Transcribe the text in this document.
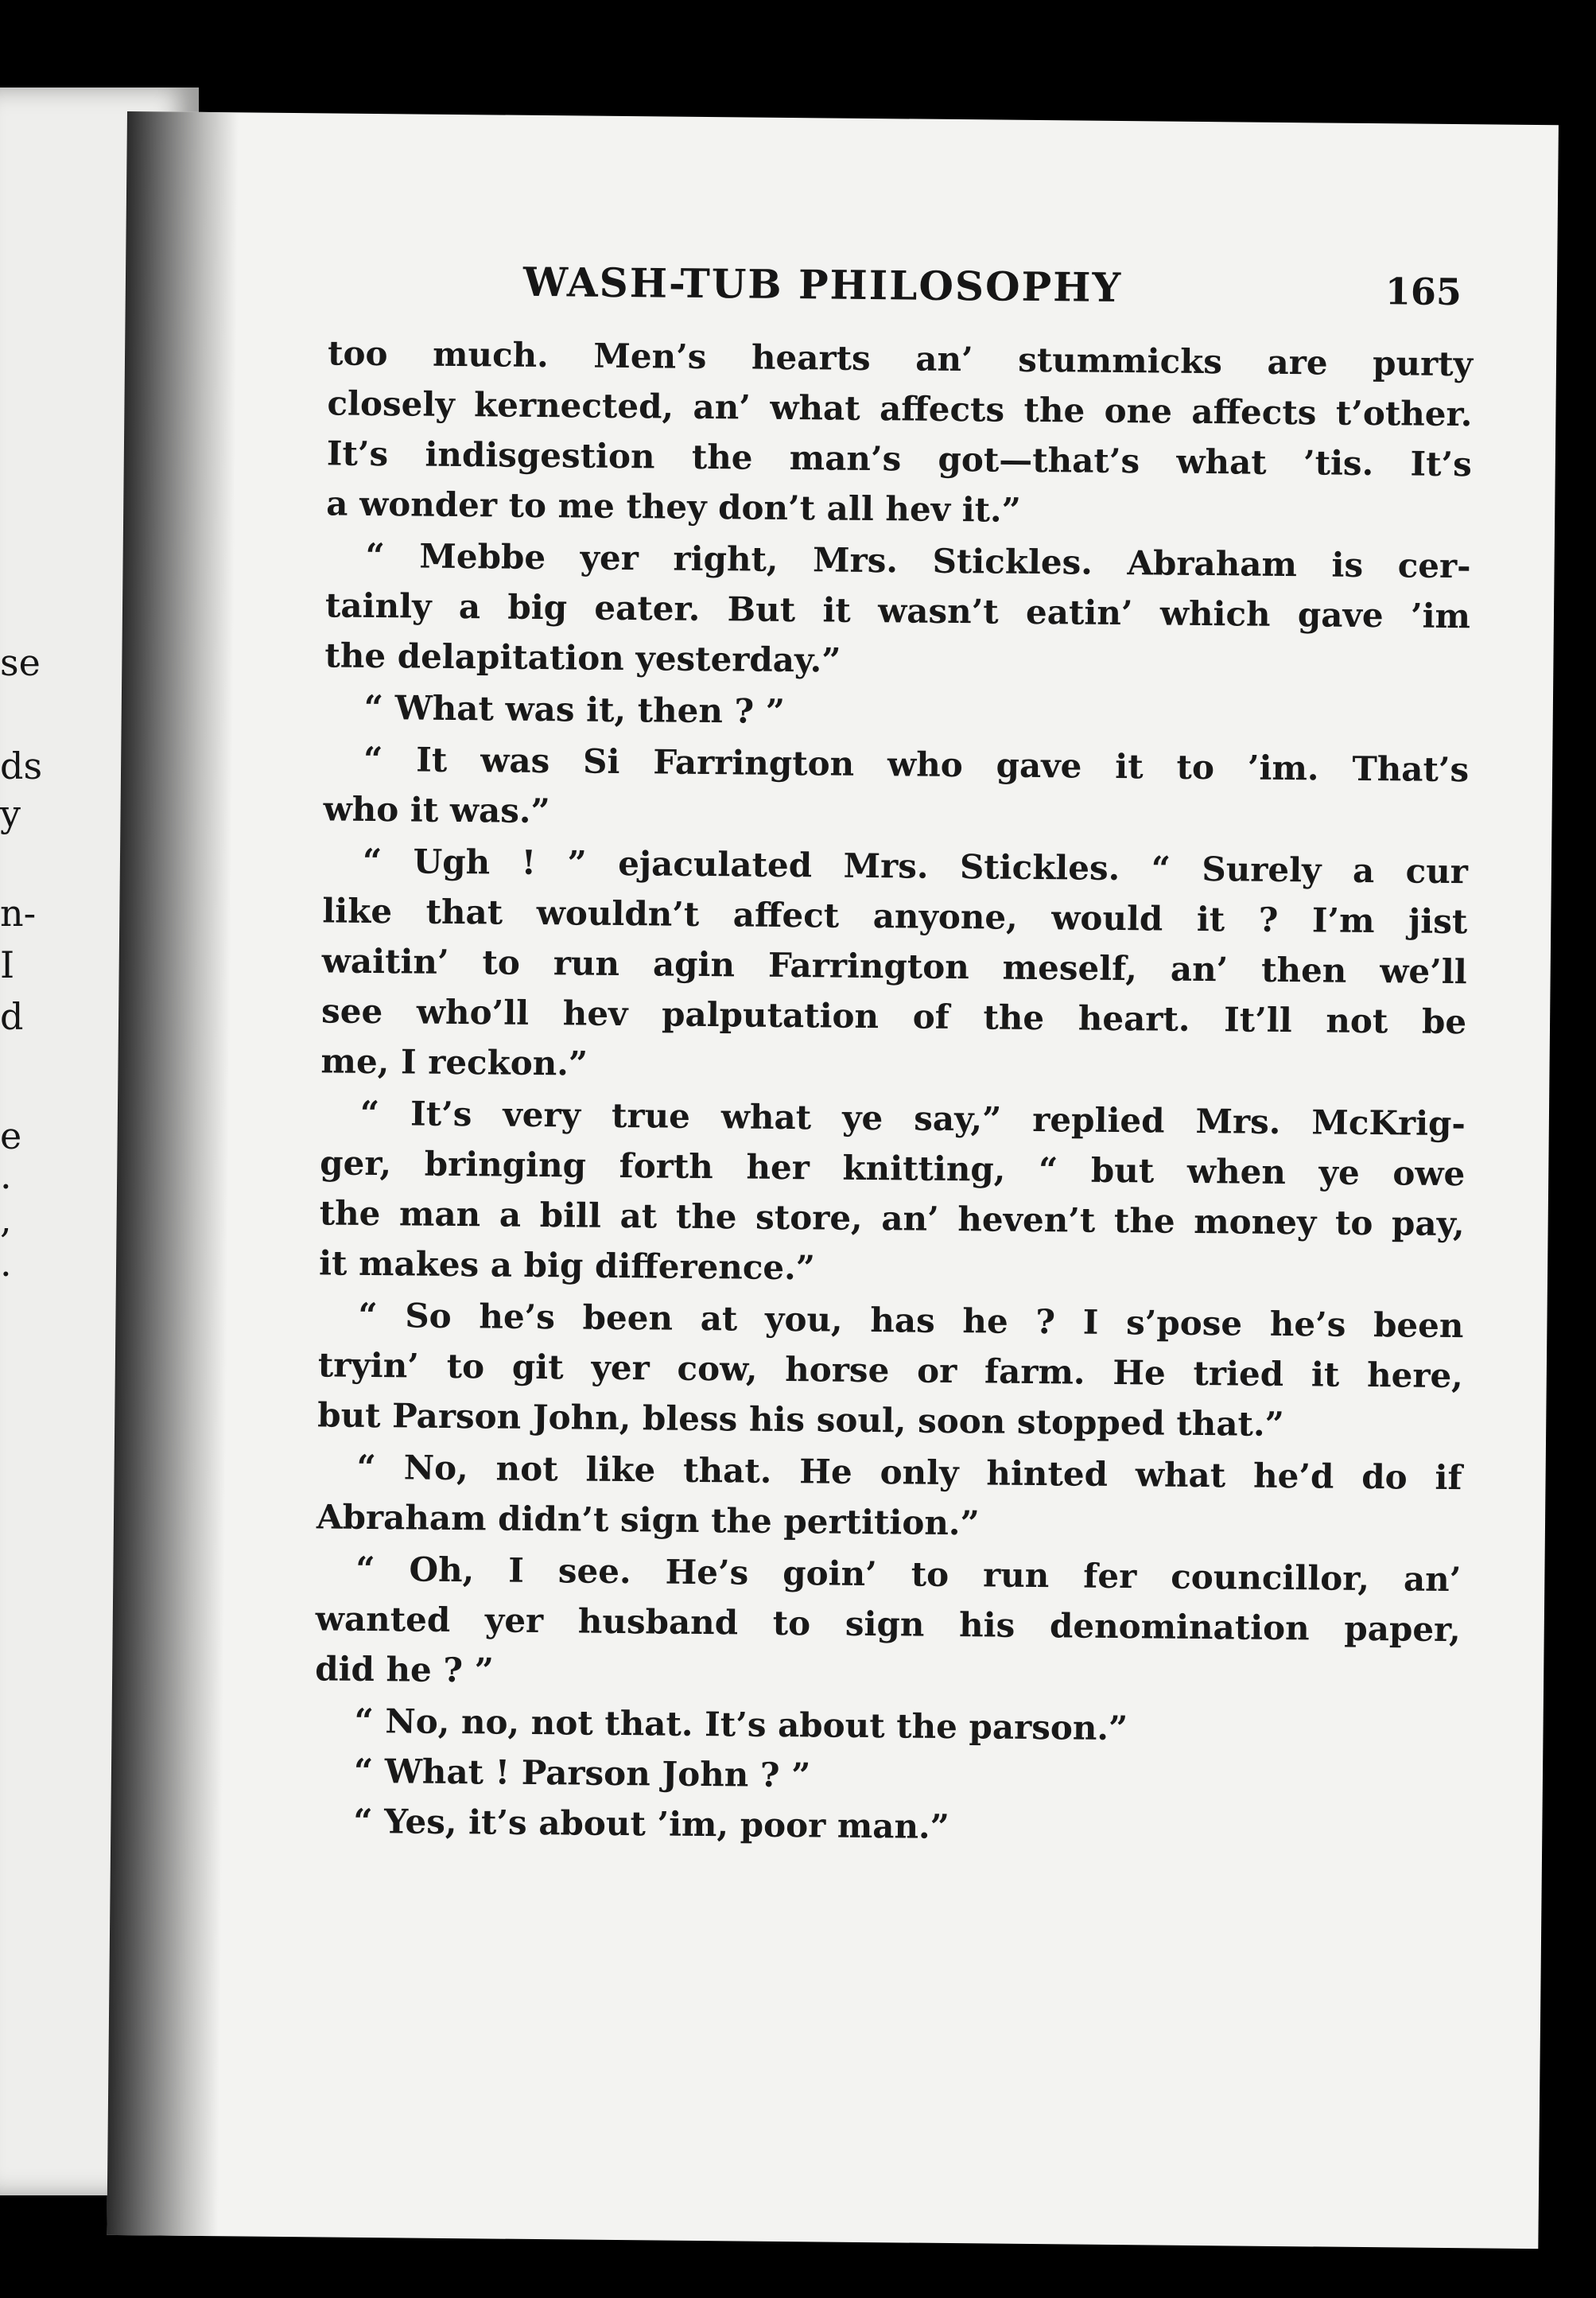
se
ds
y
n-
I
d
e
.
,
.
WASH-TUB PHILOSOPHY	165
too much. Men’s hearts an’ stummicks are purty
closely kernected, an’ what affects the one affects t’other.
It’s indisgestion the man’s got—that’s what ’tis. It’s
a wonder to me they don’t all hev it.”
“ Mebbe yer right, Mrs. Stickles. Abraham is cer-
tainly a big eater. But it wasn’t eatin’ which gave ’im
the delapitation yesterday.”
“ What was it, then ? ”
“ It was Si Farrington who gave it to ’im. That’s
who it was.”
“ Ugh ! ” ejaculated Mrs. Stickles. “ Surely a cur
like that wouldn’t affect anyone, would it ? I’m jist
waitin’ to run agin Farrington meself, an’ then we’ll
see who’ll hev palputation of the heart. It’ll not be
me, I reckon.”
“ It’s very true what ye say,” replied Mrs. McKrig-
ger, bringing forth her knitting, “ but when ye owe
the man a bill at the store, an’ heven’t the money to pay,
it makes a big difference.”
“ So he’s been at you, has he ? I s’pose he’s been
tryin’ to git yer cow, horse or farm. He tried it here,
but Parson John, bless his soul, soon stopped that.”
“ No, not like that. He only hinted what he’d do if
Abraham didn’t sign the pertition.”
“ Oh, I see. He’s goin’ to run fer councillor, an’
wanted yer husband to sign his denomination paper,
did he ? ”
“ No, no, not that. It’s about the parson.”
“ What ! Parson John ? ”
“ Yes, it’s about ’im, poor man.”
